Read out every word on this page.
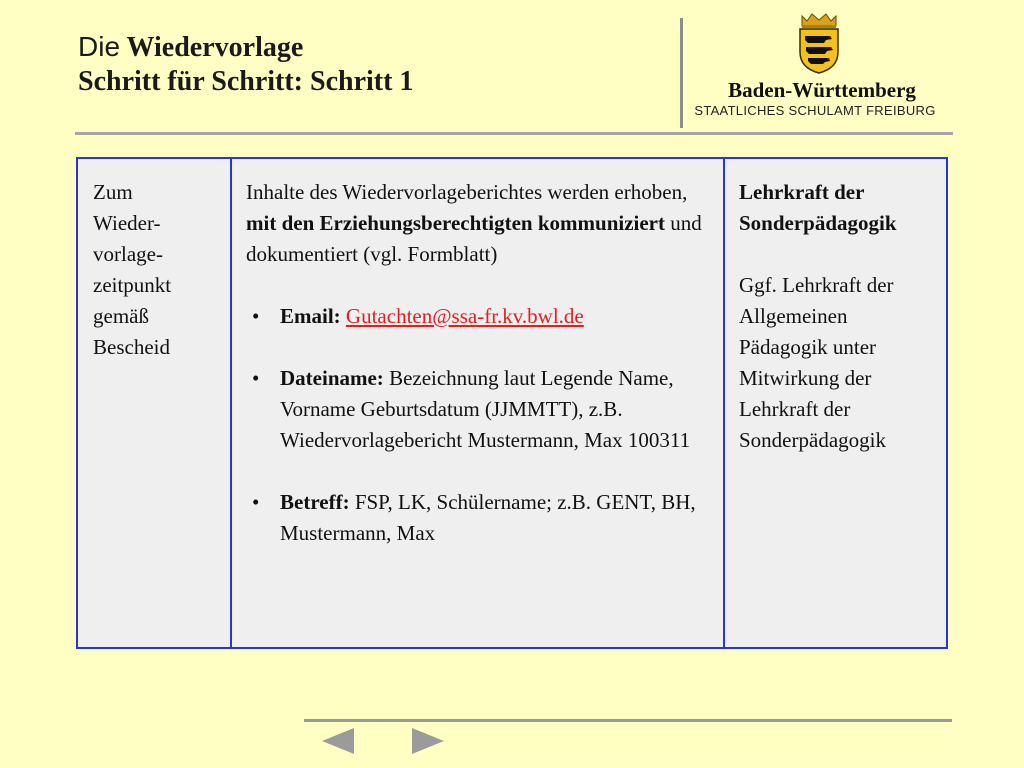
Die Wiedervorlage
Schritt für Schritt: Schritt 1	Baden-Württemberg
STAATLICHES SCHULAMT FREIBURG
Zum
Wieder-
vorlage-
zeitpunkt
gemäß
Bescheid

Inhalte des Wiedervorlageberichtes werden erhoben, mit den Erziehungsberechtigten kommuniziert und dokumentiert (vgl. Formblatt)

• Email: Gutachten@ssa-fr.kv.bwl.de
• Dateiname: Bezeichnung laut Legende Name, Vorname Geburtsdatum (JJMMTT), z.B. Wiedervorlagebericht Mustermann, Max 100311
• Betreff: FSP, LK, Schülername; z.B. GENT, BH, Mustermann, Max
Lehrkraft der
Sonderpädagogik
Ggf. Lehrkraft der Allgemeinen Pädagogik unter Mitwirkung der Lehrkraft der Sonderpädagogik
